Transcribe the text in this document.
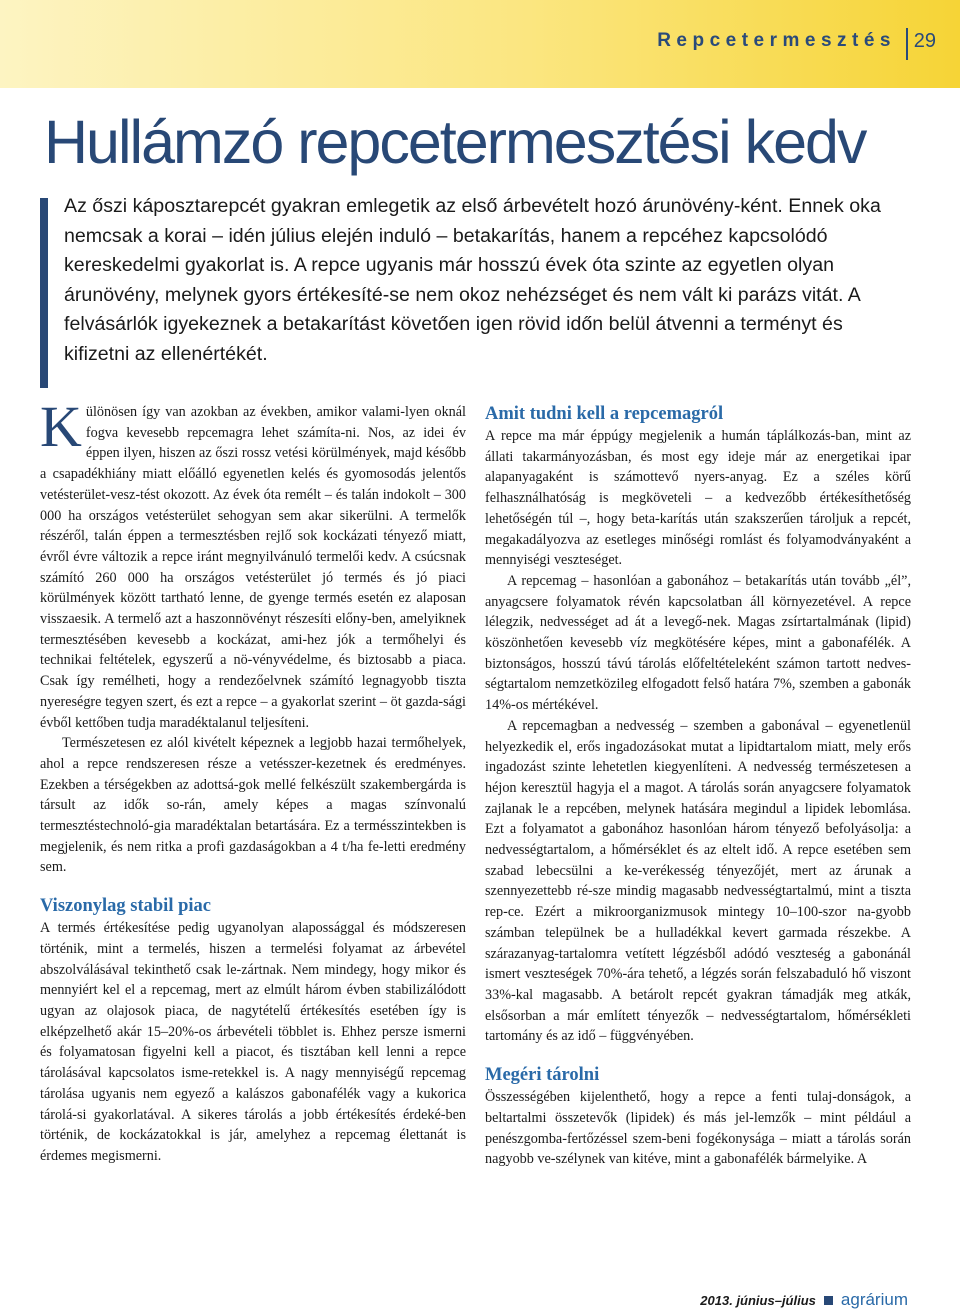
Repcetermesztés 29
Hullámzó repcetermesztési kedv

Az őszi káposztarepcét gyakran emlegetik az első árbevételt hozó árunövény-ként. Ennek oka nemcsak a korai – idén július elején induló – betakarítás, hanem a repcéhez kapcsolódó kereskedelmi gyakorlat is. A repce ugyanis már hosszú évek óta szinte az egyetlen olyan árunövény, melynek gyors értékesíté-se nem okoz nehézséget és nem vált ki parázs vitát. A felvásárlók igyekeznek a betakarítást követően igen rövid időn belül átvenni a terményt és kifizetni az ellenértékét.

Különösen így van azokban az években, amikor valami-lyen oknál fogva kevesebb repcemagra lehet számíta-ni. Nos, az idei év éppen ilyen, hiszen az őszi rossz vetési körülmények, majd később a csapadékhiány miatt előálló egyenetlen kelés és gyomosodás jelentős vetésterület-vesz-tést okozott. Az évek óta remélt – és talán indokolt – 300 000 ha országos vetésterület sehogyan sem akar sikerülni. A termelők részéről, talán éppen a termesztésben rejlő sok kockázati tényező miatt, évről évre változik a repce iránt megnyilvánuló termelői kedv. A csúcsnak számító 260 000 ha országos vetésterület jó termés és jó piaci körülmények között tartható lenne, de gyenge termés esetén ez alaposan visszaesik. A termelő azt a haszonnövényt részesíti előny-ben, amelyiknek termesztésében kevesebb a kockázat, ami-hez jók a termőhelyi és technikai feltételek, egyszerű a nö-vényvédelme, és biztosabb a piaca. Csak így remélheti, hogy a rendezőelvnek számító legnagyobb tiszta nyereségre tegyen szert, és ezt a repce – a gyakorlat szerint – öt gazda-sági évből kettőben tudja maradéktalanul teljesíteni.

Természetesen ez alól kivételt képeznek a legjobb hazai termőhelyek, ahol a repce rendszeresen része a vetésszer-kezetnek és eredményes. Ezekben a térségekben az adottsá-gok mellé felkészült szakembergárda is társult az idők so-rán, amely képes a magas színvonalú termesztéstechnoló-gia maradéktalan betartására. Ez a termésszintekben is megjelenik, és nem ritka a profi gazdaságokban a 4 t/ha fe-letti eredmény sem.

Viszonylag stabil piac

A termés értékesítése pedig ugyanolyan alapossággal és módszeresen történik, mint a termelés, hiszen a termelési folyamat az árbevétel abszolválásával tekinthető csak le-zártnak. Nem mindegy, hogy mikor és mennyiért kel el a repcemag, mert az elmúlt három évben stabilizálódott ugyan az olajosok piaca, de nagytételű értékesítés esetében így is elképzelhető akár 15–20%-os árbevételi többlet is. Ehhez persze ismerni és folyamatosan figyelni kell a piacot, és tisztában kell lenni a repce tárolásával kapcsolatos isme-retekkel is. A nagy mennyiségű repcemag tárolása ugyanis nem egyező a kalászos gabonafélék vagy a kukorica tárolá-si gyakorlatával. A sikeres tárolás a jobb értékesítés érdeké-ben történik, de kockázatokkal is jár, amelyhez a repcemag élettanát is érdemes megismerni.

Amit tudni kell a repcemagról

A repce ma már éppúgy megjelenik a humán táplálkozás-ban, mint az állati takarmányozásban, és most egy ideje már az energetikai ipar alapanyagaként is számottevő nyers-anyag. Ez a széles körű felhasználhatóság is megköveteli – a kedvezőbb értékesíthetőség lehetőségén túl –, hogy beta-karítás után szakszerűen tároljuk a repcét, megakadályozva az esetleges minőségi romlást és folyamodványaként a mennyiségi veszteséget.

A repcemag – hasonlóan a gabonához – betakarítás után tovább „él”, anyagcsere folyamatok révén kapcsolatban áll környezetével. A repce lélegzik, nedvességet ad át a levegő-nek. Magas zsírtartalmának (lipid) köszönhetően kevesebb víz megkötésére képes, mint a gabonafélék. A biztonságos, hosszú távú tárolás előfeltételeként számon tartott nedves-ségtartalom nemzetközileg elfogadott felső határa 7%, szemben a gabonák 14%-os mértékével.

A repcemagban a nedvesség – szemben a gabonával – egyenetlenül helyezkedik el, erős ingadozásokat mutat a lipidtartalom miatt, mely erős ingadozást szinte lehetetlen kiegyenlíteni. A nedvesség természetesen a héjon keresztül hagyja el a magot. A tárolás során anyagcsere folyamatok zajlanak le a repcében, melynek hatására megindul a lipidek lebomlása. Ezt a folyamatot a gabonához hasonlóan három tényező befolyásolja: a nedvességtartalom, a hőmérséklet és az eltelt idő. A repce esetében sem szabad lebecsülni a ke-verékesség tényezőjét, mert az árunak a szennyezettebb ré-sze mindig magasabb nedvességtartalmú, mint a tiszta rep-ce. Ezért a mikroorganizmusok mintegy 10–100-szor na-gyobb számban települnek be a hulladékkal kevert garmada részekbe. A szárazanyag-tartalomra vetített légzésből adódó veszteség a gabonánál ismert veszteségek 70%-ára tehető, a légzés során felszabaduló hő viszont 33%-kal magasabb. A betárolt repcét gyakran támadják meg atkák, elsősorban a már említett tényezők – nedvességtartalom, hőmérsékleti tartomány és az idő – függvényében.

Megéri tárolni

Összességében kijelenthető, hogy a repce a fenti tulaj-donságok, a beltartalmi összetevők (lipidek) és más jel-lemzők – mint például a penészgomba-fertőzéssel szem-beni fogékonysága – miatt a tárolás során nagyobb ve-szélynek van kitéve, mint a gabonafélék bármelyike. A

2013. június–július agrárium
